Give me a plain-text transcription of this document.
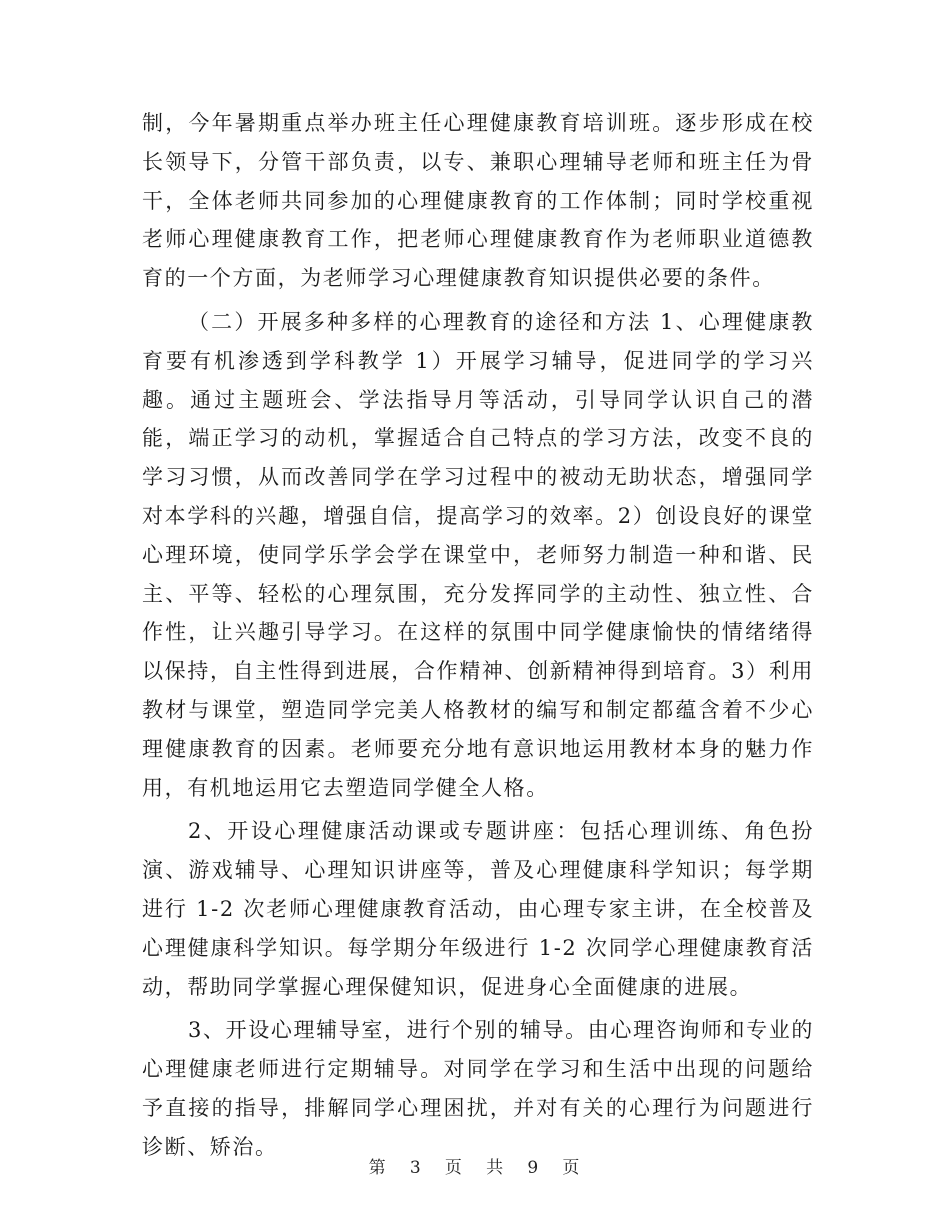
制，今年暑期重点举办班主任心理健康教育培训班。逐步形成在校长领导下，分管干部负责，以专、兼职心理辅导老师和班主任为骨干，全体老师共同参加的心理健康教育的工作体制；同时学校重视老师心理健康教育工作，把老师心理健康教育作为老师职业道德教育的一个方面，为老师学习心理健康教育知识提供必要的条件。

（二）开展多种多样的心理教育的途径和方法 1、心理健康教育要有机渗透到学科教学 1）开展学习辅导，促进同学的学习兴趣。通过主题班会、学法指导月等活动，引导同学认识自己的潜能，端正学习的动机，掌握适合自己特点的学习方法，改变不良的学习习惯，从而改善同学在学习过程中的被动无助状态，增强同学对本学科的兴趣，增强自信，提高学习的效率。2）创设良好的课堂心理环境，使同学乐学会学在课堂中，老师努力制造一种和谐、民主、平等、轻松的心理氛围，充分发挥同学的主动性、独立性、合作性，让兴趣引导学习。在这样的氛围中同学健康愉快的情绪绪得以保持，自主性得到进展，合作精神、创新精神得到培育。3）利用教材与课堂，塑造同学完美人格教材的编写和制定都蕴含着不少心理健康教育的因素。老师要充分地有意识地运用教材本身的魅力作用，有机地运用它去塑造同学健全人格。

2、开设心理健康活动课或专题讲座：包括心理训练、角色扮演、游戏辅导、心理知识讲座等，普及心理健康科学知识；每学期进行 1-2 次老师心理健康教育活动，由心理专家主讲，在全校普及心理健康科学知识。每学期分年级进行 1-2 次同学心理健康教育活动，帮助同学掌握心理保健知识，促进身心全面健康的进展。

3、开设心理辅导室，进行个别的辅导。由心理咨询师和专业的心理健康老师进行定期辅导。对同学在学习和生活中出现的问题给予直接的指导，排解同学心理困扰，并对有关的心理行为问题进行诊断、矫治。

第 3 页 共 9 页
